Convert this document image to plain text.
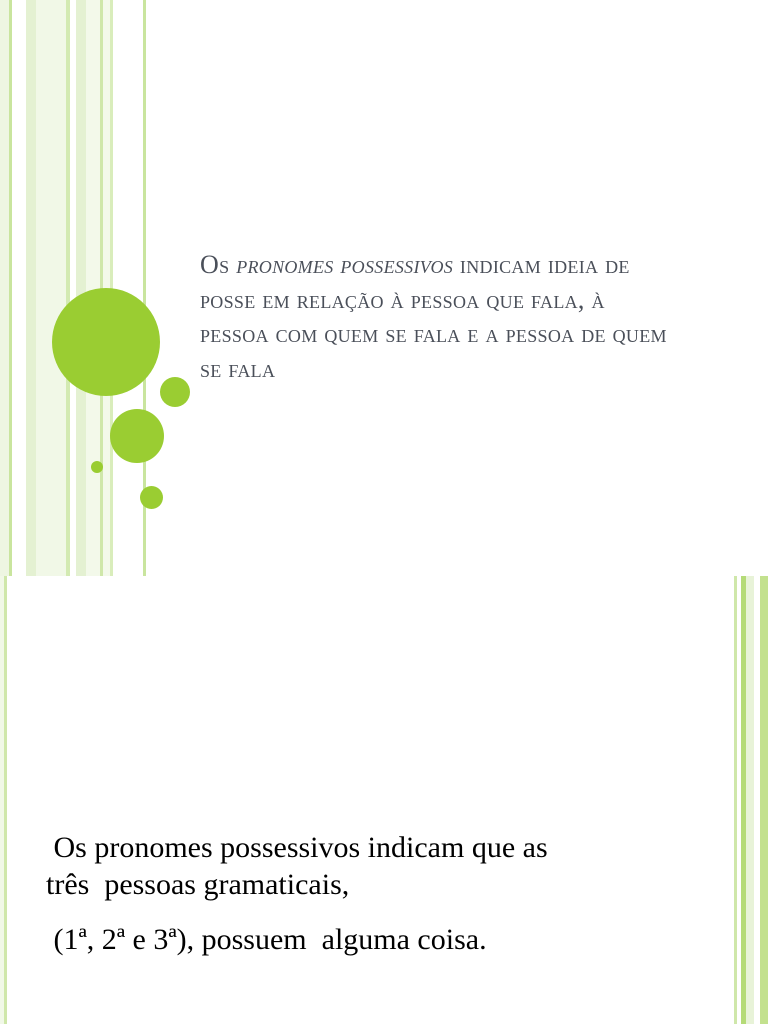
Os pronomes possessivos indicam ideia de posse em relação à pessoa que fala, à pessoa com quem se fala e a pessoa de quem se fala
Os pronomes possessivos indicam que as
três  pessoas gramaticais,
(1ª, 2ª e 3ª), possuem  alguma coisa.
